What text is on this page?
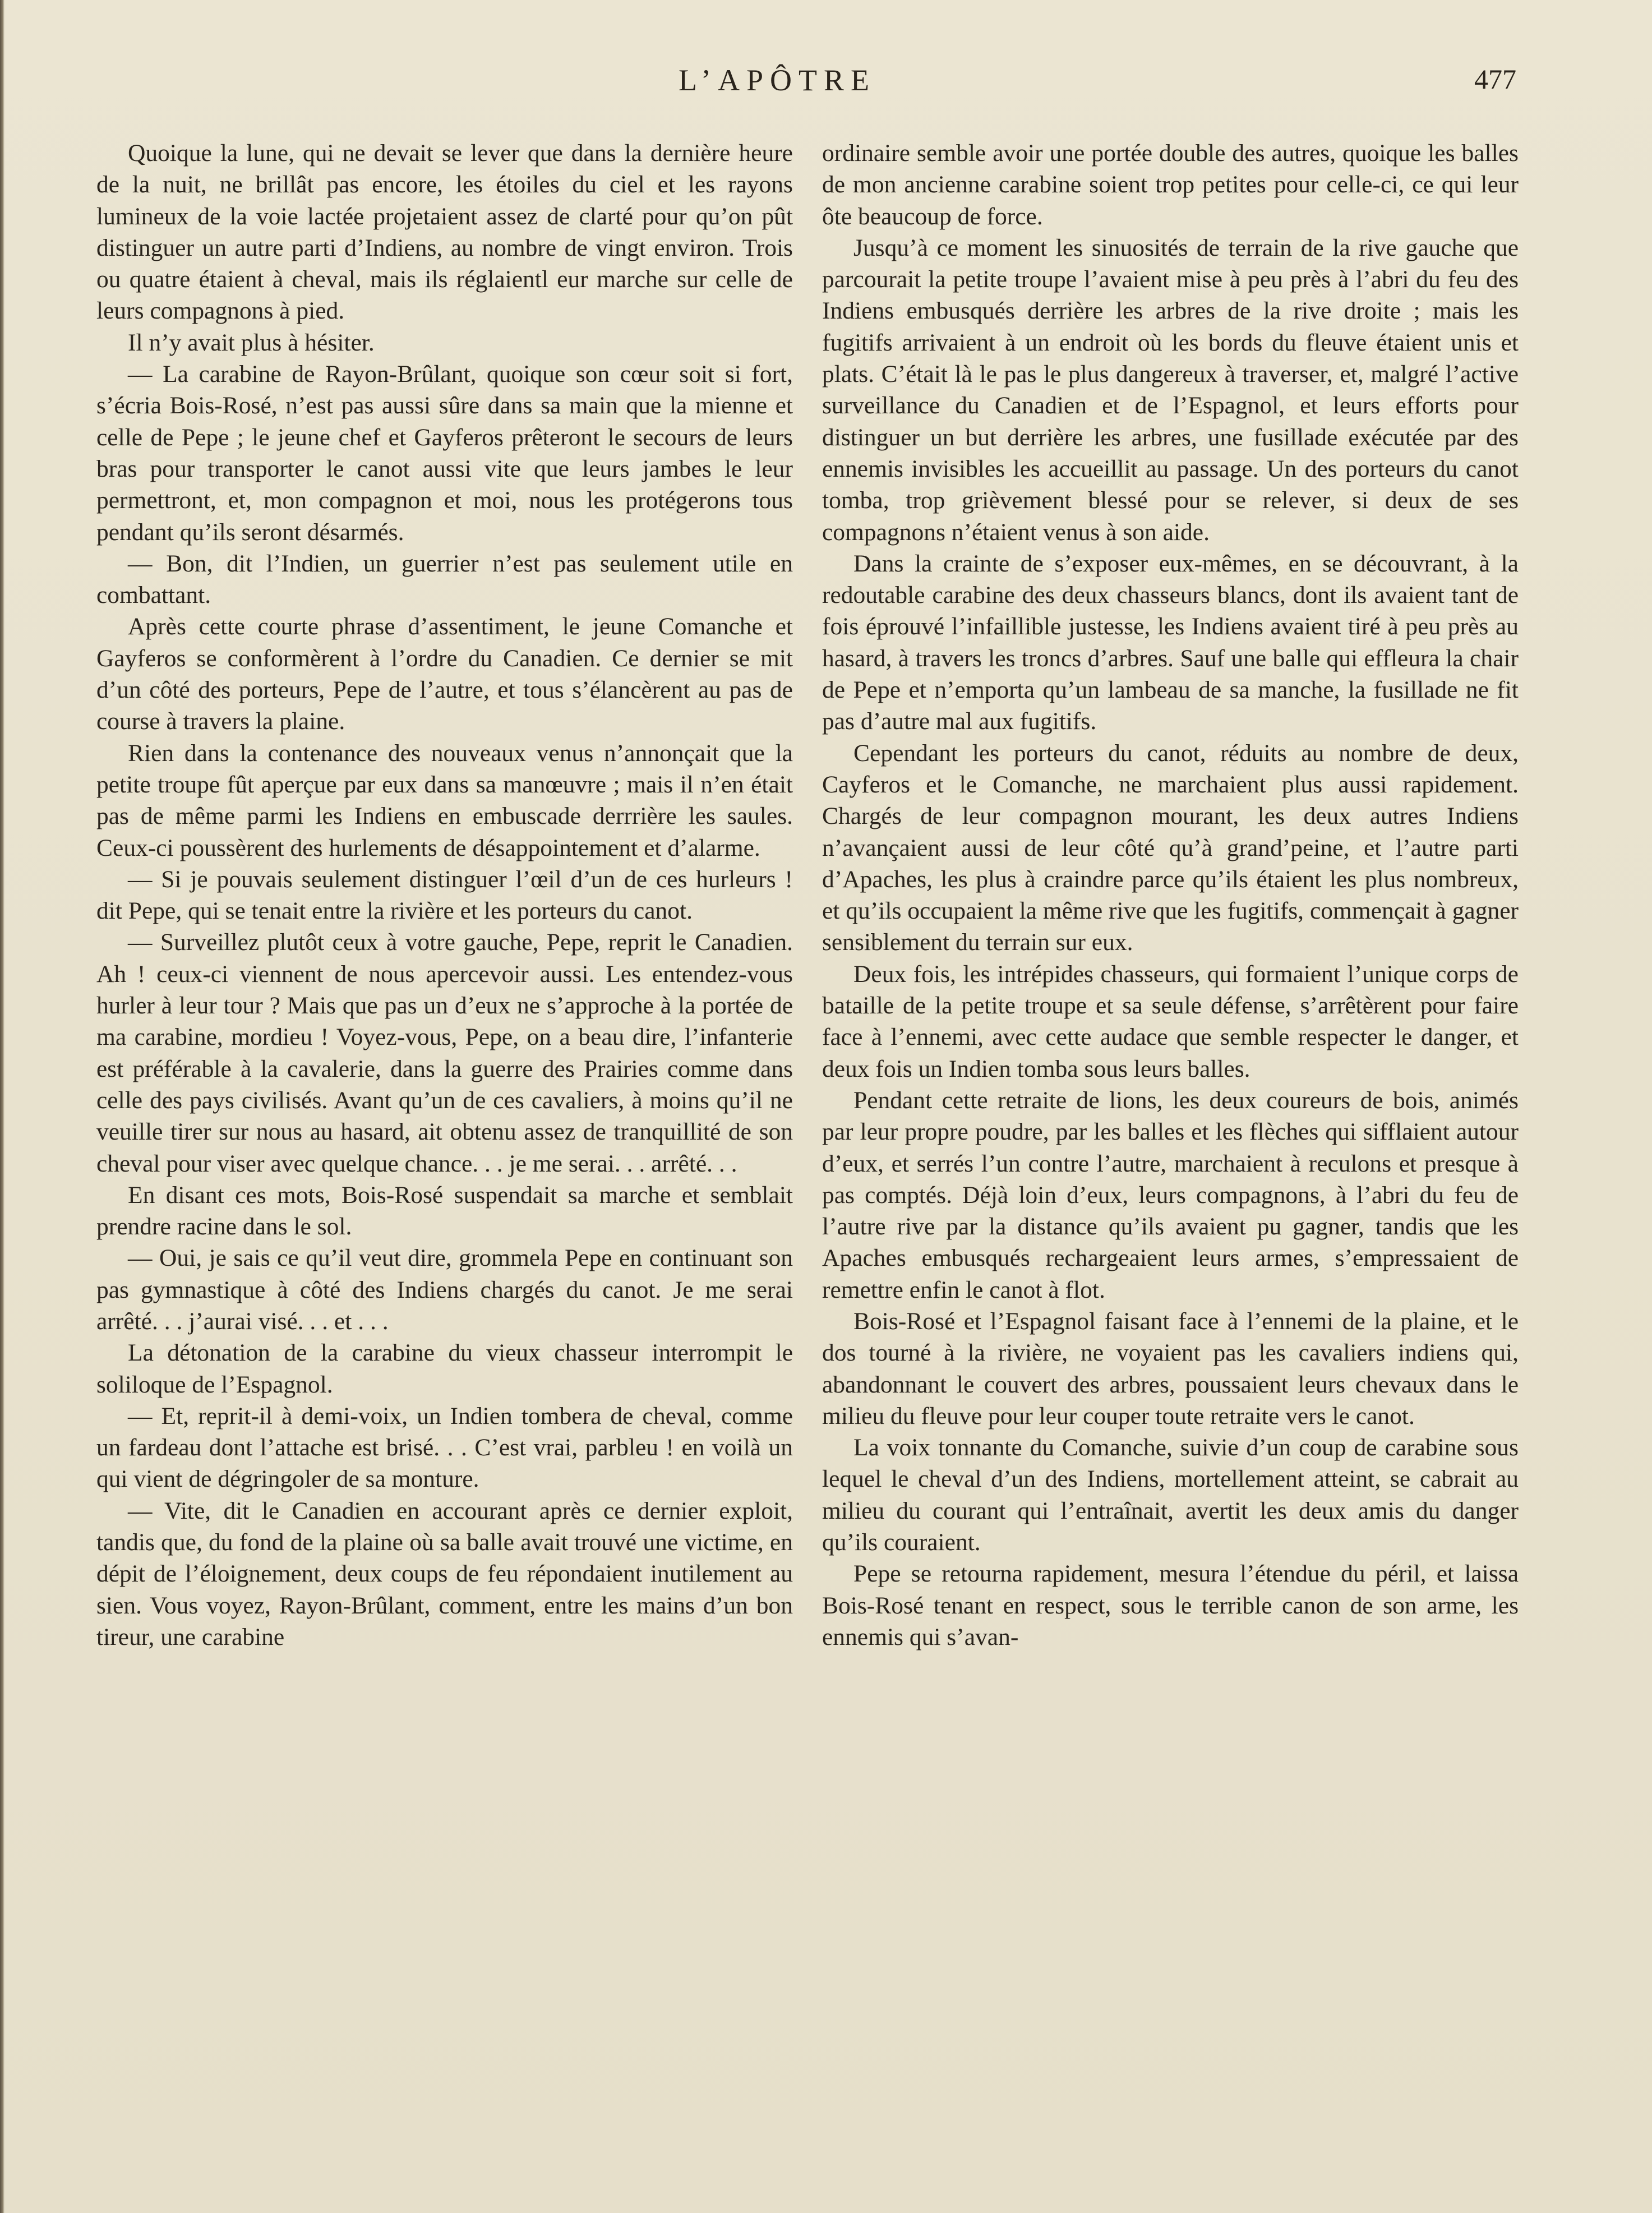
L’APÔTRE	477

Quoique la lune, qui ne devait se lever que dans la dernière heure de la nuit, ne brillât pas encore, les étoiles du ciel et les rayons lumineux de la voie lactée projetaient assez de clarté pour qu’on pût distinguer un autre parti d’Indiens, au nombre de vingt environ. Trois ou quatre étaient à cheval, mais ils réglaientl eur marche sur celle de leurs compagnons à pied.

Il n’y avait plus à hésiter.

— La carabine de Rayon-Brûlant, quoique son cœur soit si fort, s’écria Bois-Rosé, n’est pas aussi sûre dans sa main que la mienne et celle de Pepe ; le jeune chef et Gayferos prêteront le secours de leurs bras pour transporter le canot aussi vite que leurs jambes le leur permettront, et, mon compagnon et moi, nous les protégerons tous pendant qu’ils seront désarmés.

— Bon, dit l’Indien, un guerrier n’est pas seulement utile en combattant.

Après cette courte phrase d’assentiment, le jeune Comanche et Gayferos se conformèrent à l’ordre du Canadien. Ce dernier se mit d’un côté des porteurs, Pepe de l’autre, et tous s’élancèrent au pas de course à travers la plaine.

Rien dans la contenance des nouveaux venus n’annonçait que la petite troupe fût aperçue par eux dans sa manœuvre ; mais il n’en était pas de même parmi les Indiens en embuscade derrrière les saules. Ceux-ci poussèrent des hurlements de désappointement et d’alarme.

— Si je pouvais seulement distinguer l’œil d’un de ces hurleurs ! dit Pepe, qui se tenait entre la rivière et les porteurs du canot.

— Surveillez plutôt ceux à votre gauche, Pepe, reprit le Canadien. Ah ! ceux-ci viennent de nous apercevoir aussi. Les entendez-vous hurler à leur tour ? Mais que pas un d’eux ne s’approche à la portée de ma carabine, mordieu ! Voyez-vous, Pepe, on a beau dire, l’infanterie est préférable à la cavalerie, dans la guerre des Prairies comme dans celle des pays civilisés. Avant qu’un de ces cavaliers, à moins qu’il ne veuille tirer sur nous au hasard, ait obtenu assez de tranquillité de son cheval pour viser avec quelque chance. . . je me serai. . . arrêté. . .

En disant ces mots, Bois-Rosé suspendait sa marche et semblait prendre racine dans le sol.

— Oui, je sais ce qu’il veut dire, grommela Pepe en continuant son pas gymnastique à côté des Indiens chargés du canot. Je me serai arrêté. . . j’aurai visé. . . et . . .

La détonation de la carabine du vieux chasseur interrompit le soliloque de l’Espagnol.

— Et, reprit-il à demi-voix, un Indien tombera de cheval, comme un fardeau dont l’attache est brisé. . . C’est vrai, parbleu ! en voilà un qui vient de dégringoler de sa monture.

— Vite, dit le Canadien en accourant après ce dernier exploit, tandis que, du fond de la plaine où sa balle avait trouvé une victime, en dépit de l’éloignement, deux coups de feu répondaient inutilement au sien. Vous voyez, Rayon-Brûlant, comment, entre les mains d’un bon tireur, une carabine

ordinaire semble avoir une portée double des autres, quoique les balles de mon ancienne carabine soient trop petites pour celle-ci, ce qui leur ôte beaucoup de force.

Jusqu’à ce moment les sinuosités de terrain de la rive gauche que parcourait la petite troupe l’avaient mise à peu près à l’abri du feu des Indiens embusqués derrière les arbres de la rive droite ; mais les fugitifs arrivaient à un endroit où les bords du fleuve étaient unis et plats. C’était là le pas le plus dangereux à traverser, et, malgré l’active surveillance du Canadien et de l’Espagnol, et leurs efforts pour distinguer un but derrière les arbres, une fusillade exécutée par des ennemis invisibles les accueillit au passage. Un des porteurs du canot tomba, trop grièvement blessé pour se relever, si deux de ses compagnons n’étaient venus à son aide.

Dans la crainte de s’exposer eux-mêmes, en se découvrant, à la redoutable carabine des deux chasseurs blancs, dont ils avaient tant de fois éprouvé l’infaillible justesse, les Indiens avaient tiré à peu près au hasard, à travers les troncs d’arbres. Sauf une balle qui effleura la chair de Pepe et n’emporta qu’un lambeau de sa manche, la fusillade ne fit pas d’autre mal aux fugitifs.

Cependant les porteurs du canot, réduits au nombre de deux, Cayferos et le Comanche, ne marchaient plus aussi rapidement. Chargés de leur compagnon mourant, les deux autres Indiens n’avançaient aussi de leur côté qu’à grand’peine, et l’autre parti d’Apaches, les plus à craindre parce qu’ils étaient les plus nombreux, et qu’ils occupaient la même rive que les fugitifs, commençait à gagner sensiblement du terrain sur eux.

Deux fois, les intrépides chasseurs, qui formaient l’unique corps de bataille de la petite troupe et sa seule défense, s’arrêtèrent pour faire face à l’ennemi, avec cette audace que semble respecter le danger, et deux fois un Indien tomba sous leurs balles.

Pendant cette retraite de lions, les deux coureurs de bois, animés par leur propre poudre, par les balles et les flèches qui sifflaient autour d’eux, et serrés l’un contre l’autre, marchaient à reculons et presque à pas comptés. Déjà loin d’eux, leurs compagnons, à l’abri du feu de l’autre rive par la distance qu’ils avaient pu gagner, tandis que les Apaches embusqués rechargeaient leurs armes, s’empressaient de remettre enfin le canot à flot.

Bois-Rosé et l’Espagnol faisant face à l’ennemi de la plaine, et le dos tourné à la rivière, ne voyaient pas les cavaliers indiens qui, abandonnant le couvert des arbres, poussaient leurs chevaux dans le milieu du fleuve pour leur couper toute retraite vers le canot.

La voix tonnante du Comanche, suivie d’un coup de carabine sous lequel le cheval d’un des Indiens, mortellement atteint, se cabrait au milieu du courant qui l’entraînait, avertit les deux amis du danger qu’ils couraient.

Pepe se retourna rapidement, mesura l’étendue du péril, et laissa Bois-Rosé tenant en respect, sous le terrible canon de son arme, les ennemis qui s’avan-
